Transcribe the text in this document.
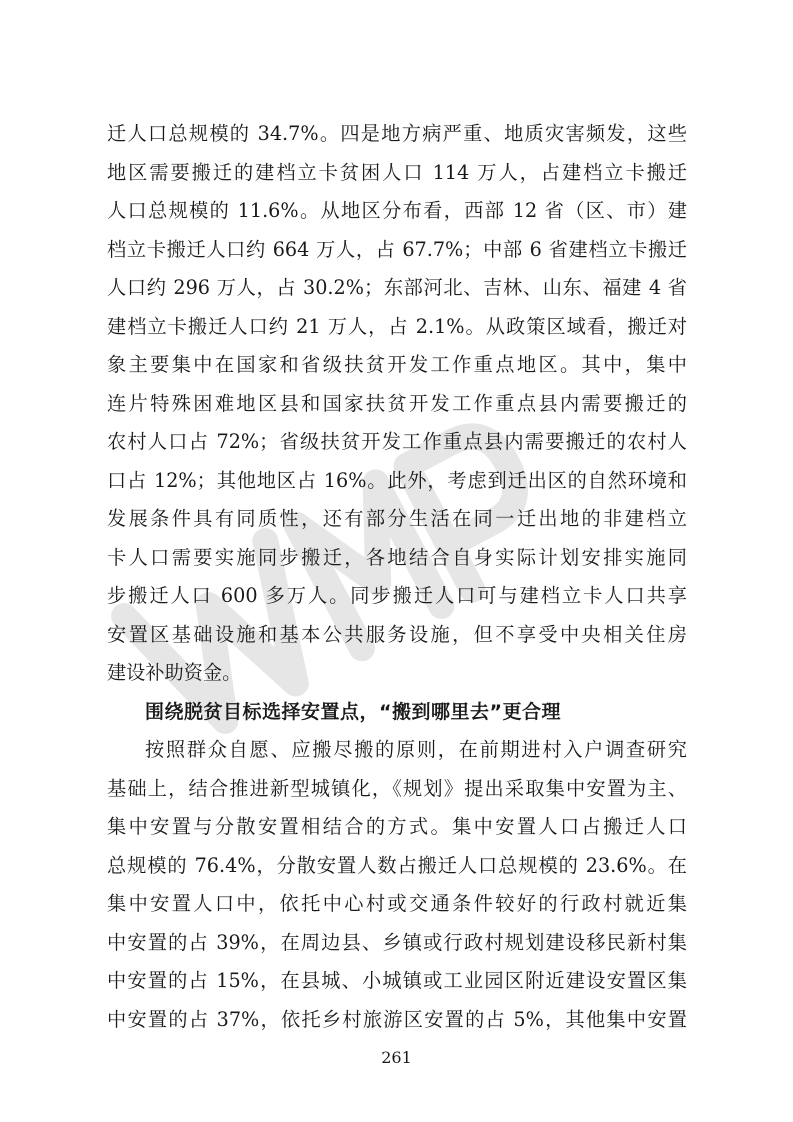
迁人口总规模的 34.7%。四是地方病严重、地质灾害频发，这些
地区需要搬迁的建档立卡贫困人口 114 万人，占建档立卡搬迁
人口总规模的 11.6%。从地区分布看，西部 12 省（区、市）建
档立卡搬迁人口约 664 万人，占 67.7%；中部 6 省建档立卡搬迁
人口约 296 万人，占 30.2%；东部河北、吉林、山东、福建 4 省
建档立卡搬迁人口约 21 万人，占 2.1%。从政策区域看，搬迁对
象主要集中在国家和省级扶贫开发工作重点地区。其中，集中
连片特殊困难地区县和国家扶贫开发工作重点县内需要搬迁的
农村人口占 72%；省级扶贫开发工作重点县内需要搬迁的农村人
口占 12%；其他地区占 16%。此外，考虑到迁出区的自然环境和
发展条件具有同质性，还有部分生活在同一迁出地的非建档立
卡人口需要实施同步搬迁，各地结合自身实际计划安排实施同
步搬迁人口 600 多万人。同步搬迁人口可与建档立卡人口共享
安置区基础设施和基本公共服务设施，但不享受中央相关住房
建设补助资金。
围绕脱贫目标选择安置点，“搬到哪里去”更合理
按照群众自愿、应搬尽搬的原则，在前期进村入户调查研究
基础上，结合推进新型城镇化，《规划》提出采取集中安置为主、
集中安置与分散安置相结合的方式。集中安置人口占搬迁人口
总规模的 76.4%，分散安置人数占搬迁人口总规模的 23.6%。在
集中安置人口中，依托中心村或交通条件较好的行政村就近集
中安置的占 39%，在周边县、乡镇或行政村规划建设移民新村集
中安置的占 15%，在县城、小城镇或工业园区附近建设安置区集
中安置的占 37%，依托乡村旅游区安置的占 5%，其他集中安置
261
